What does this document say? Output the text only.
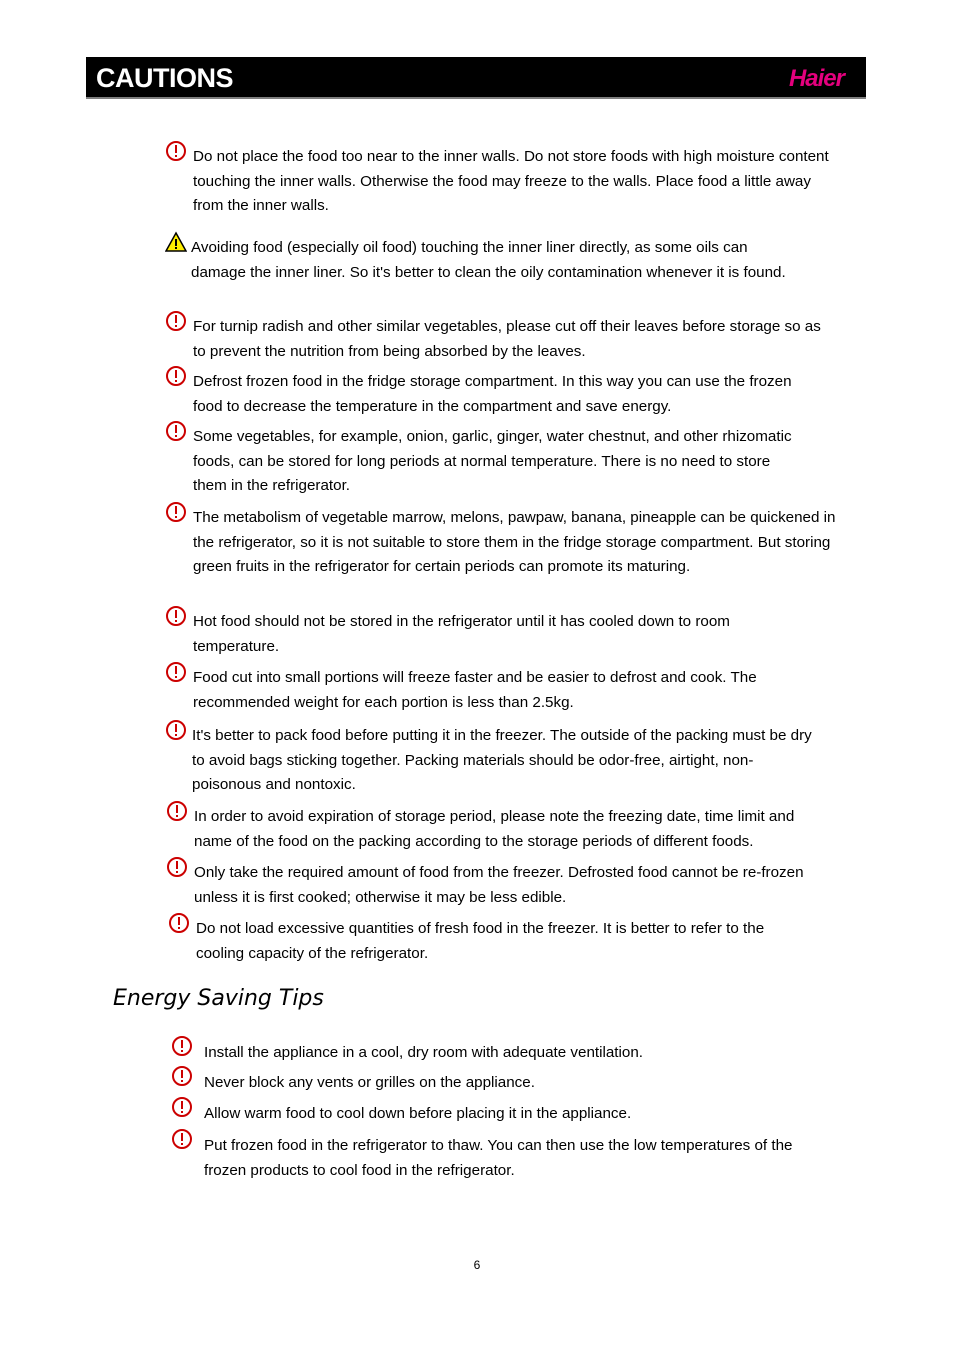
CAUTIONS	Haier
Do not place the food too near to the inner walls. Do not store foods with high moisture content touching the inner walls. Otherwise the food may freeze to the walls. Place food a little away from the inner walls.
Avoiding food (especially oil food) touching the inner liner directly, as some oils can damage the inner liner. So it's better to clean the oily contamination whenever it is found.
For turnip radish and other similar vegetables, please cut off their leaves before storage so as to prevent the nutrition from being absorbed by the leaves.
Defrost frozen food in the fridge storage compartment. In this way you can use the frozen food to decrease the temperature in the compartment and save energy.
Some vegetables, for example, onion, garlic, ginger, water chestnut, and other rhizomatic foods, can be stored for long periods at normal temperature. There is no need to store them in the refrigerator.
The metabolism of vegetable marrow, melons, pawpaw, banana, pineapple can be quickened in the refrigerator, so it is not suitable to store them in the fridge storage compartment. But storing green fruits in the refrigerator for certain periods can promote its maturing.
Hot food should not be stored in the refrigerator until it has cooled down to room temperature.
Food cut into small portions will freeze faster and be easier to defrost and cook. The recommended weight for each portion is less than 2.5kg.
It's better to pack food before putting it in the freezer. The outside of the packing must be dry to avoid bags sticking together. Packing materials should be odor-free, airtight, non-poisonous and nontoxic.
In order to avoid expiration of storage period, please note the freezing date, time limit and name of the food on the packing according to the storage periods of different foods.
Only take the required amount of food from the freezer. Defrosted food cannot be re-frozen unless it is first cooked; otherwise it may be less edible.
Do not load excessive quantities of fresh food in the freezer. It is better to refer to the cooling capacity of the refrigerator.
Energy Saving Tips
Install the appliance in a cool, dry room with adequate ventilation.
Never block any vents or grilles on the appliance.
Allow warm food to cool down before placing it in the appliance.
Put frozen food in the refrigerator to thaw. You can then use the low temperatures of the frozen products to cool food in the refrigerator.
6
